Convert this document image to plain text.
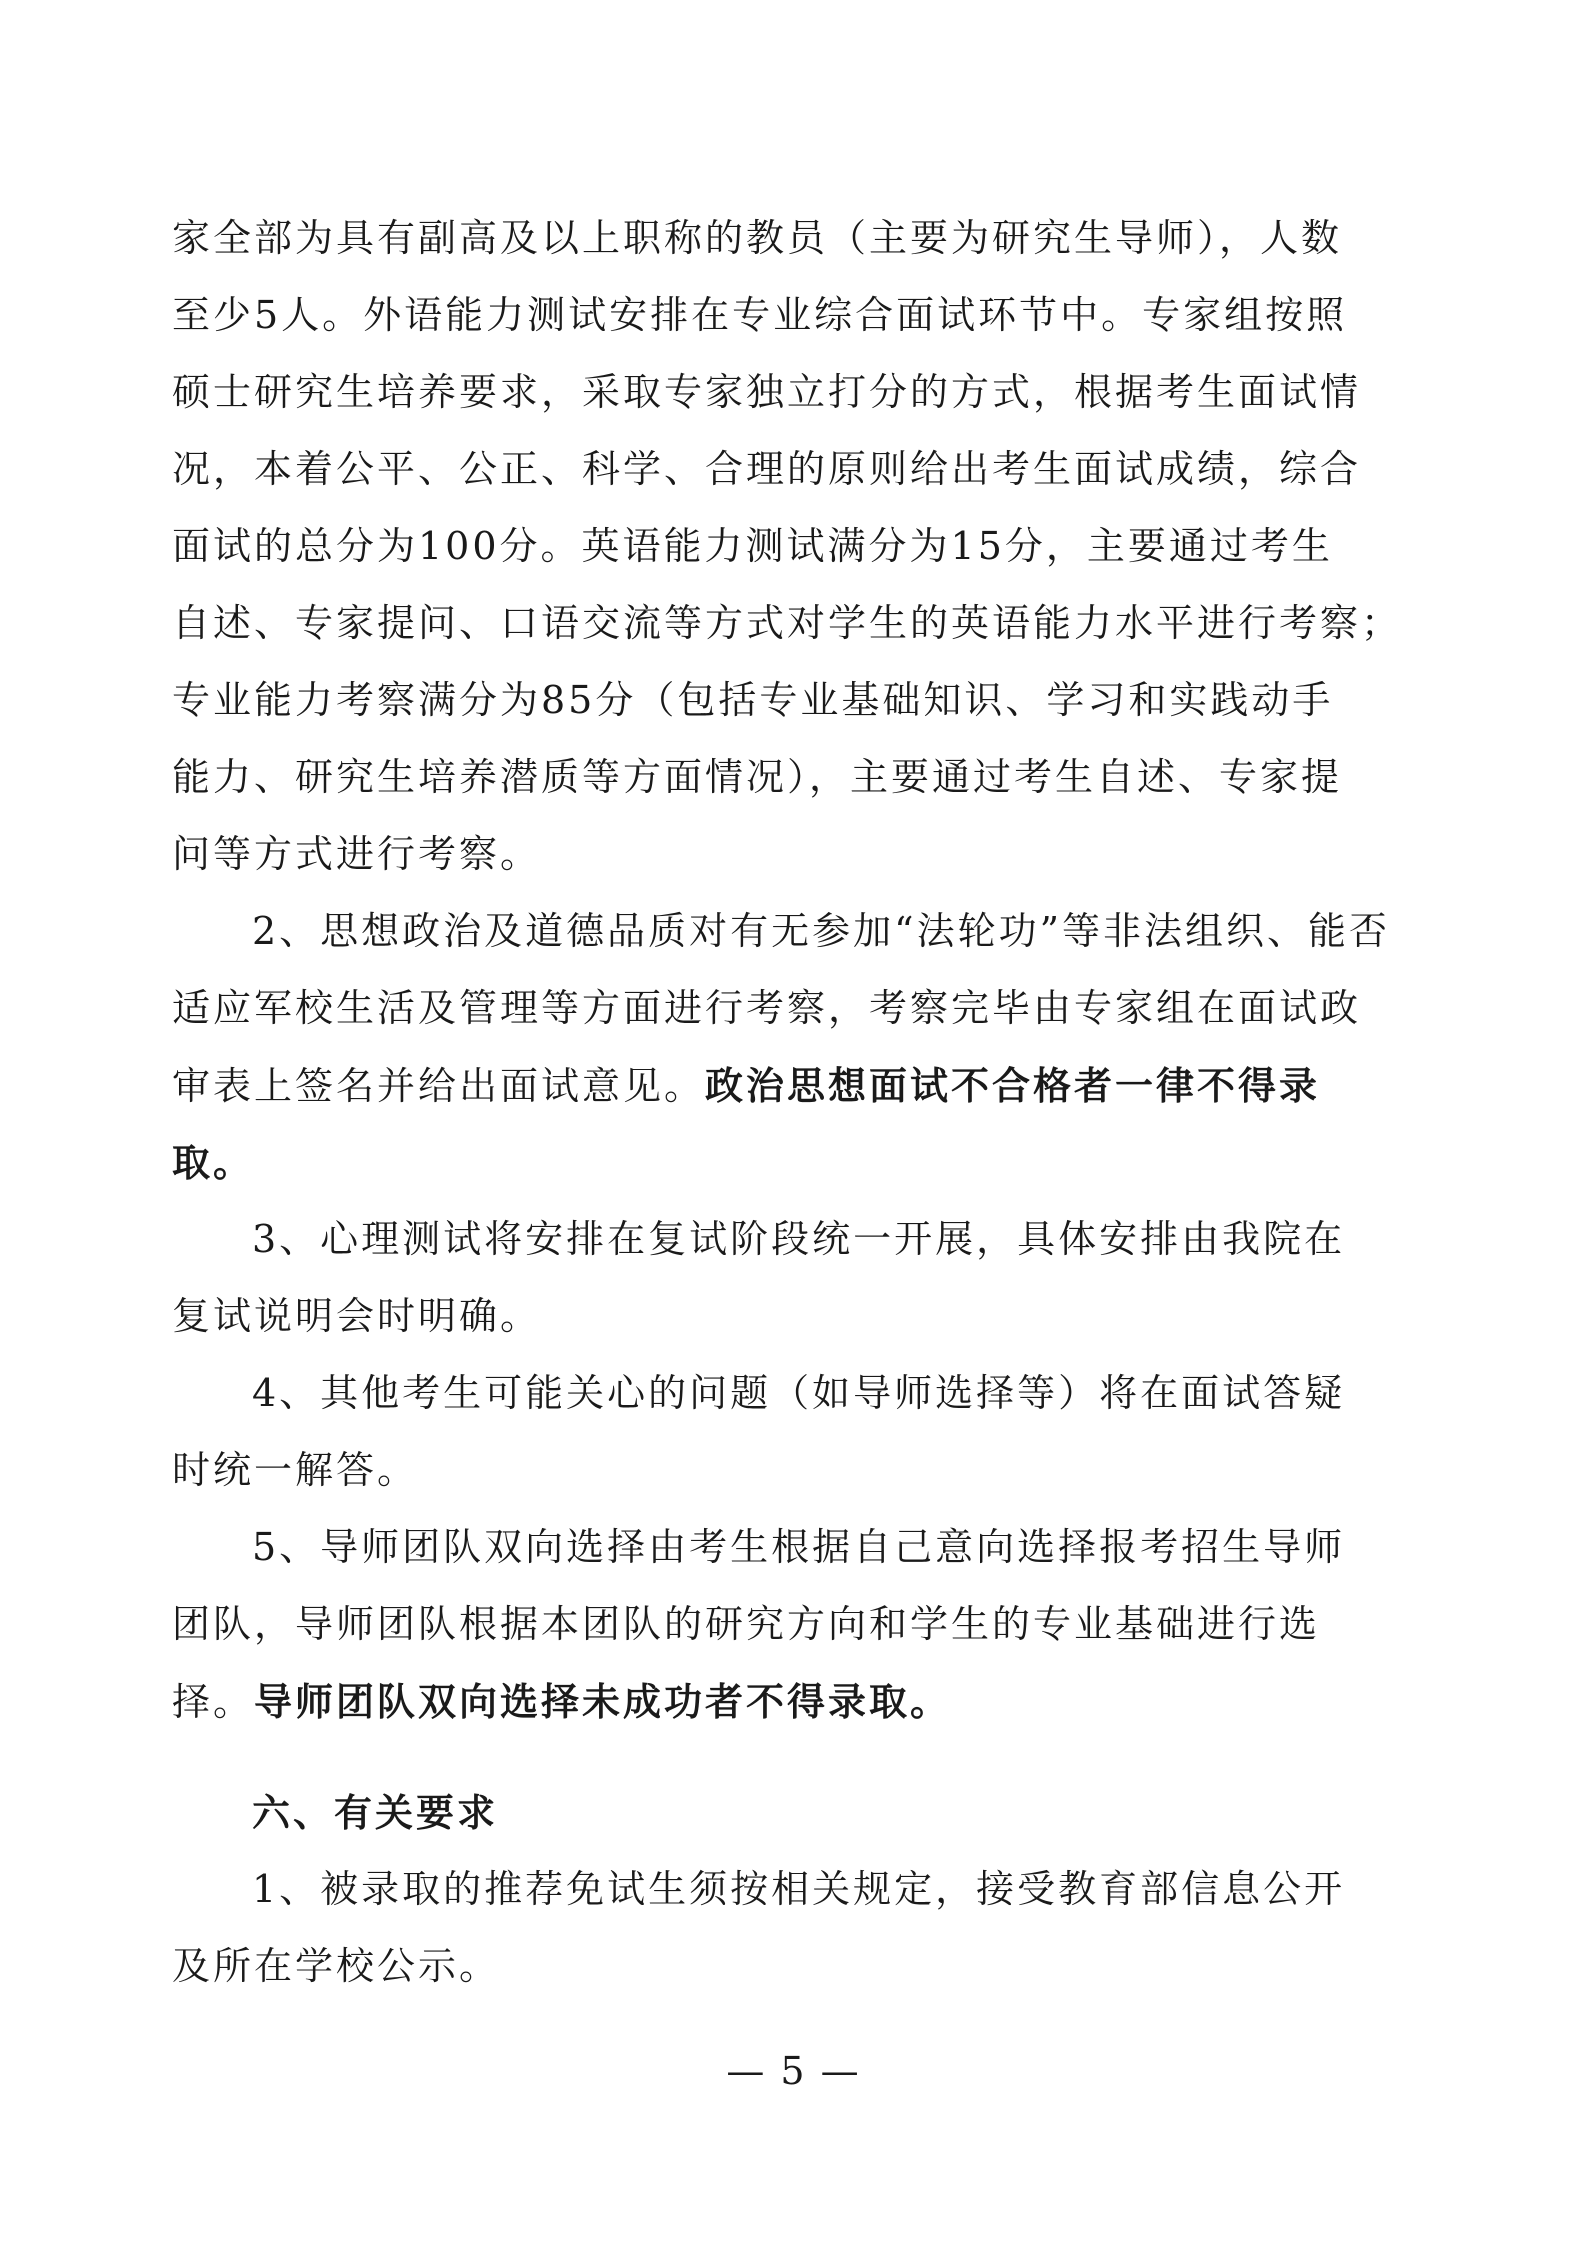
家全部为具有副高及以上职称的教员（主要为研究生导师），人数
至少5人。外语能力测试安排在专业综合面试环节中。专家组按照
硕士研究生培养要求，采取专家独立打分的方式，根据考生面试情
况，本着公平、公正、科学、合理的原则给出考生面试成绩，综合
面试的总分为100分。英语能力测试满分为15分，主要通过考生
自述、专家提问、口语交流等方式对学生的英语能力水平进行考察；
专业能力考察满分为85分（包括专业基础知识、学习和实践动手
能力、研究生培养潜质等方面情况），主要通过考生自述、专家提
问等方式进行考察。
2、思想政治及道德品质对有无参加“法轮功”等非法组织、能否
适应军校生活及管理等方面进行考察，考察完毕由专家组在面试政
审表上签名并给出面试意见。政治思想面试不合格者一律不得录
取。
3、心理测试将安排在复试阶段统一开展，具体安排由我院在
复试说明会时明确。
4、其他考生可能关心的问题（如导师选择等）将在面试答疑
时统一解答。
5、导师团队双向选择由考生根据自己意向选择报考招生导师
团队，导师团队根据本团队的研究方向和学生的专业基础进行选
择。导师团队双向选择未成功者不得录取。
六、有关要求
1、被录取的推荐免试生须按相关规定，接受教育部信息公开
及所在学校公示。
— 5 —
